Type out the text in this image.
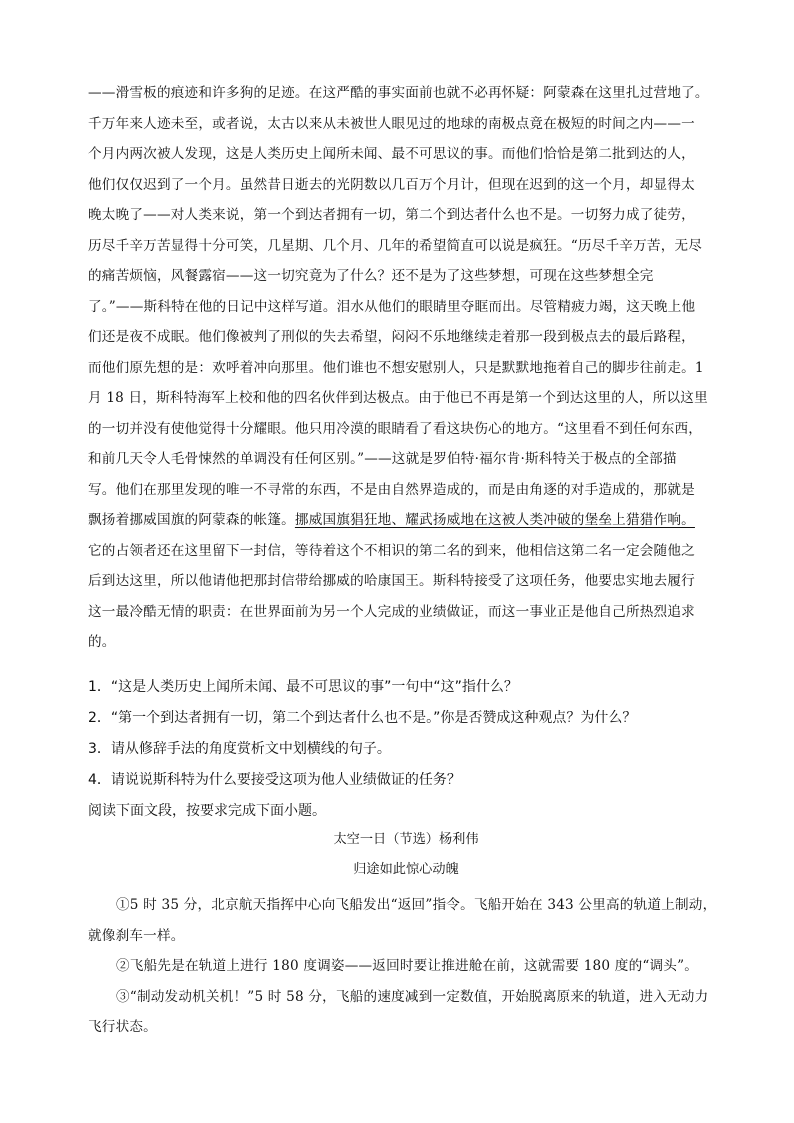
——滑雪板的痕迹和许多狗的足迹。在这严酷的事实面前也就不必再怀疑：阿蒙森在这里扎过营地了。
千万年来人迹未至，或者说，太古以来从未被世人眼见过的地球的南极点竟在极短的时间之内——一
个月内两次被人发现，这是人类历史上闻所未闻、最不可思议的事。而他们恰恰是第二批到达的人，
他们仅仅迟到了一个月。虽然昔日逝去的光阴数以几百万个月计，但现在迟到的这一个月，却显得太
晚太晚了——对人类来说，第一个到达者拥有一切，第二个到达者什么也不是。一切努力成了徒劳，
历尽千辛万苦显得十分可笑，几星期、几个月、几年的希望简直可以说是疯狂。“历尽千辛万苦，无尽
的痛苦烦恼，风餐露宿——这一切究竟为了什么？还不是为了这些梦想，可现在这些梦想全完
了。”——斯科特在他的日记中这样写道。泪水从他们的眼睛里夺眶而出。尽管精疲力竭，这天晚上他
们还是夜不成眠。他们像被判了刑似的失去希望，闷闷不乐地继续走着那一段到极点去的最后路程，
而他们原先想的是：欢呼着冲向那里。他们谁也不想安慰别人，只是默默地拖着自己的脚步往前走。1
月 18 日，斯科特海军上校和他的四名伙伴到达极点。由于他已不再是第一个到达这里的人，所以这里
的一切并没有使他觉得十分耀眼。他只用冷漠的眼睛看了看这块伤心的地方。“这里看不到任何东西，
和前几天令人毛骨悚然的单调没有任何区别。”——这就是罗伯特·福尔肯·斯科特关于极点的全部描
写。他们在那里发现的唯一不寻常的东西，不是由自然界造成的，而是由角逐的对手造成的，那就是
飘扬着挪威国旗的阿蒙森的帐篷。挪威国旗猖狂地、耀武扬威地在这被人类冲破的堡垒上猎猎作响。
它的占领者还在这里留下一封信，等待着这个不相识的第二名的到来，他相信这第二名一定会随他之
后到达这里，所以他请他把那封信带给挪威的哈康国王。斯科特接受了这项任务，他要忠实地去履行
这一最冷酷无情的职责：在世界面前为另一个人完成的业绩做证，而这一事业正是他自己所热烈追求
的。
1．“这是人类历史上闻所未闻、最不可思议的事”一句中“这”指什么？
2．“第一个到达者拥有一切，第二个到达者什么也不是。”你是否赞成这种观点？为什么？
3．请从修辞手法的角度赏析文中划横线的句子。
4．请说说斯科特为什么要接受这项为他人业绩做证的任务？
阅读下面文段，按要求完成下面小题。
太空一日（节选）杨利伟
归途如此惊心动魄
①5 时 35 分，北京航天指挥中心向飞船发出“返回”指令。飞船开始在 343 公里高的轨道上制动，
就像刹车一样。
②飞船先是在轨道上进行 180 度调姿——返回时要让推进舱在前，这就需要 180 度的“调头”。
③“制动发动机关机！”5 时 58 分，飞船的速度减到一定数值，开始脱离原来的轨道，进入无动力
飞行状态。
